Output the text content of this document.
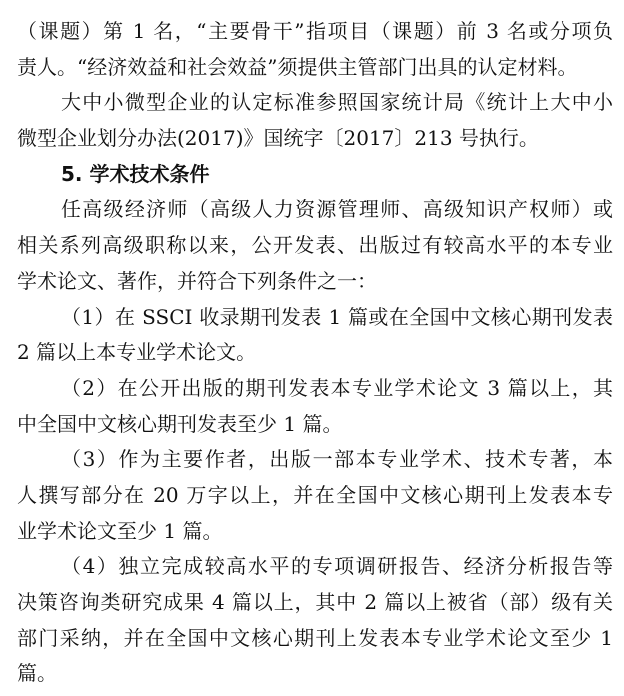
（课题）第 1 名，“主要骨干”指项目（课题）前 3 名或分项负
责人。“经济效益和社会效益”须提供主管部门出具的认定材料。
大中小微型企业的认定标准参照国家统计局《统计上大中小
微型企业划分办法(2017)》国统字〔2017〕213 号执行。
5. 学术技术条件
任高级经济师（高级人力资源管理师、高级知识产权师）或
相关系列高级职称以来，公开发表、出版过有较高水平的本专业
学术论文、著作，并符合下列条件之一：
（1）在 SSCI 收录期刊发表 1 篇或在全国中文核心期刊发表
2 篇以上本专业学术论文。
（2）在公开出版的期刊发表本专业学术论文 3 篇以上，其
中全国中文核心期刊发表至少 1 篇。
（3）作为主要作者，出版一部本专业学术、技术专著，本
人撰写部分在 20 万字以上，并在全国中文核心期刊上发表本专
业学术论文至少 1 篇。
（4）独立完成较高水平的专项调研报告、经济分析报告等
决策咨询类研究成果 4 篇以上，其中 2 篇以上被省（部）级有关
部门采纳，并在全国中文核心期刊上发表本专业学术论文至少 1
篇。
